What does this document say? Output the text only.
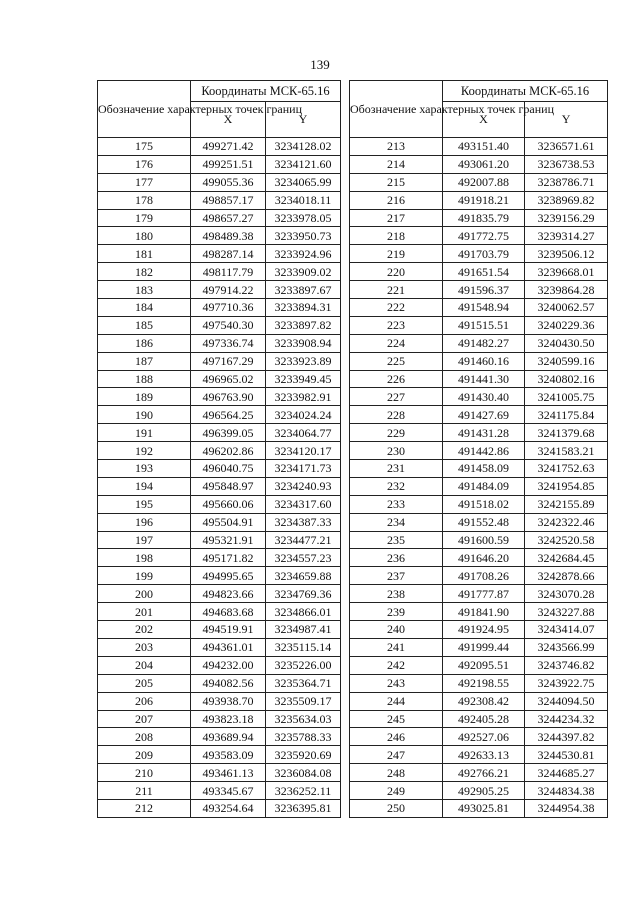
139
Обозначение характерных точек границ	Координаты МСК-65.16			Обозначение характерных точек границ	Координаты МСК-65.16	
	X	Y			X	Y
175	499271.42	3234128.02		213	493151.40	3236571.61
176	499251.51	3234121.60		214	493061.20	3236738.53
177	499055.36	3234065.99		215	492007.88	3238786.71
178	498857.17	3234018.11		216	491918.21	3238969.82
179	498657.27	3233978.05		217	491835.79	3239156.29
180	498489.38	3233950.73		218	491772.75	3239314.27
181	498287.14	3233924.96		219	491703.79	3239506.12
182	498117.79	3233909.02		220	491651.54	3239668.01
183	497914.22	3233897.67		221	491596.37	3239864.28
184	497710.36	3233894.31		222	491548.94	3240062.57
185	497540.30	3233897.82		223	491515.51	3240229.36
186	497336.74	3233908.94		224	491482.27	3240430.50
187	497167.29	3233923.89		225	491460.16	3240599.16
188	496965.02	3233949.45		226	491441.30	3240802.16
189	496763.90	3233982.91		227	491430.40	3241005.75
190	496564.25	3234024.24		228	491427.69	3241175.84
191	496399.05	3234064.77		229	491431.28	3241379.68
192	496202.86	3234120.17		230	491442.86	3241583.21
193	496040.75	3234171.73		231	491458.09	3241752.63
194	495848.97	3234240.93		232	491484.09	3241954.85
195	495660.06	3234317.60		233	491518.02	3242155.89
196	495504.91	3234387.33		234	491552.48	3242322.46
197	495321.91	3234477.21		235	491600.59	3242520.58
198	495171.82	3234557.23		236	491646.20	3242684.45
199	494995.65	3234659.88		237	491708.26	3242878.66
200	494823.66	3234769.36		238	491777.87	3243070.28
201	494683.68	3234866.01		239	491841.90	3243227.88
202	494519.91	3234987.41		240	491924.95	3243414.07
203	494361.01	3235115.14		241	491999.44	3243566.99
204	494232.00	3235226.00		242	492095.51	3243746.82
205	494082.56	3235364.71		243	492198.55	3243922.75
206	493938.70	3235509.17		244	492308.42	3244094.50
207	493823.18	3235634.03		245	492405.28	3244234.32
208	493689.94	3235788.33		246	492527.06	3244397.82
209	493583.09	3235920.69		247	492633.13	3244530.81
210	493461.13	3236084.08		248	492766.21	3244685.27
211	493345.67	3236252.11		249	492905.25	3244834.38
212	493254.64	3236395.81		250	493025.81	3244954.38
